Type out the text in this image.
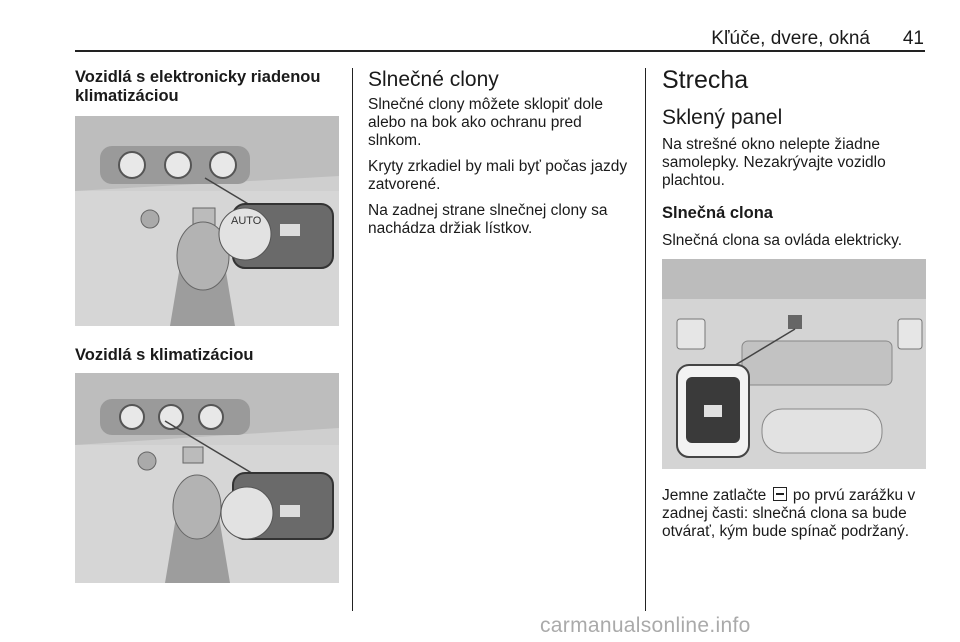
Kľúče, dvere, okná	41
Vozidlá s elektronicky riadenou klimatizáciou
AUTO
Vozidlá s klimatizáciou
Slnečné clony

Slnečné clony môžete sklopiť dole alebo na bok ako ochranu pred slnkom.

Kryty zrkadiel by mali byť počas jazdy zatvorené.

Na zadnej strane slnečnej clony sa nachádza držiak lístkov.

Strecha
Sklený panel
Na strešné okno nelepte žiadne samolepky. Nezakrývajte vozidlo plachtou.
Slnečná clona
Slnečná clona sa ovláda elektricky.
Jemne zatlačte po prvú zarážku v zadnej časti: slnečná clona sa bude otvárať, kým bude spínač podržaný.
carmanualsonline.info
